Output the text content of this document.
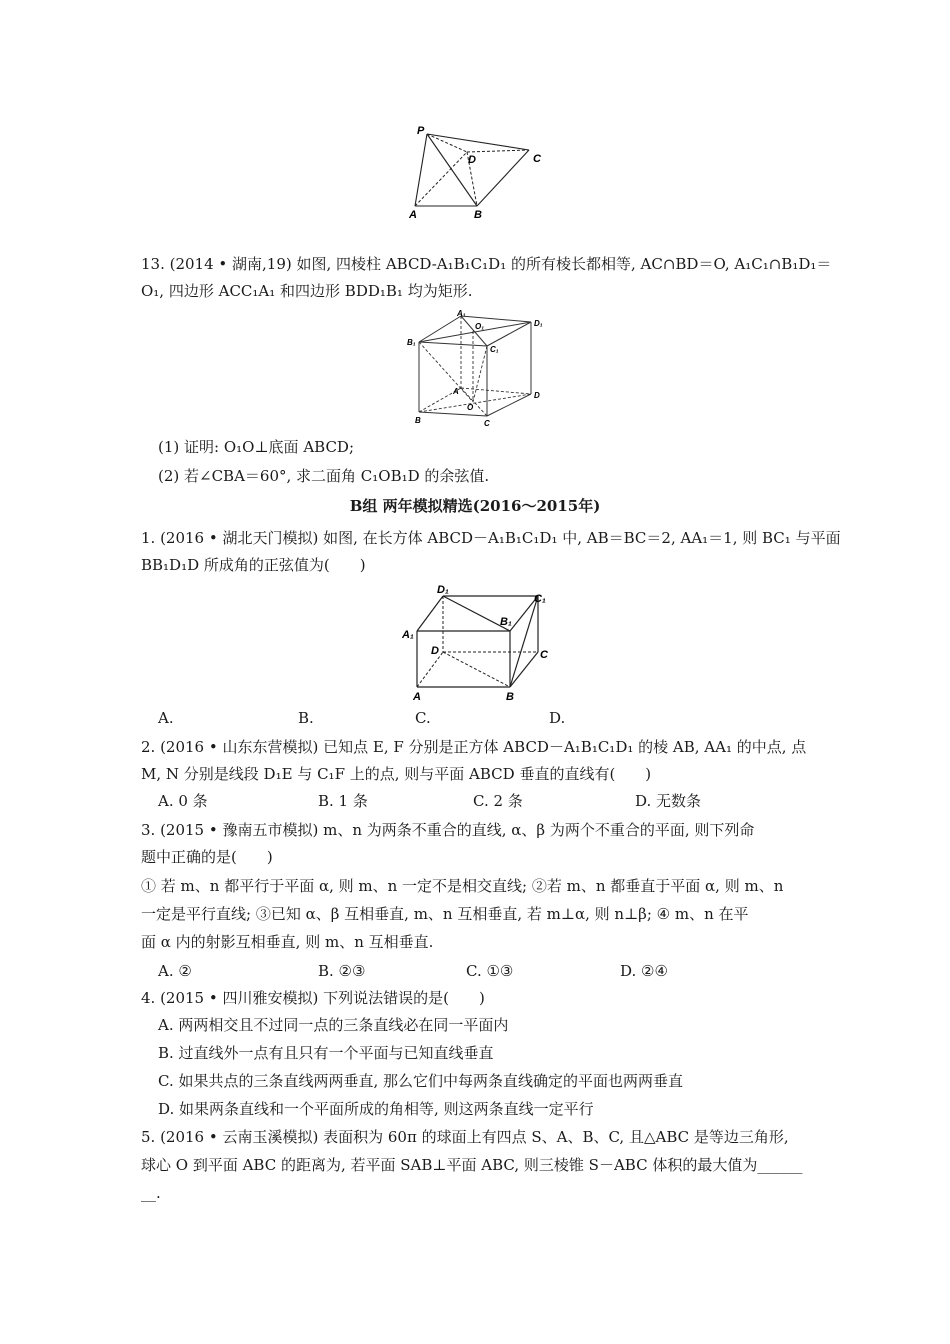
P
D	C
A	B
13. (2014 • 湖南,19) 如图, 四棱柱 ABCD-A₁B₁C₁D₁ 的所有棱长都相等, AC∩BD＝O, A₁C₁∩B₁D₁＝
O₁, 四边形 ACC₁A₁ 和四边形 BDD₁B₁ 均为矩形.
A₁
O₁	D₁
B₁
C₁
A
O
D
B	C
(1) 证明: O₁O⊥底面 ABCD;
(2) 若∠CBA＝60°, 求二面角 C₁OB₁D 的余弦值.
B组 两年模拟精选(2016～2015年)
1. (2016 • 湖北天门模拟) 如图, 在长方体 ABCD－A₁B₁C₁D₁ 中, AB＝BC＝2, AA₁＝1, 则 BC₁ 与平面
BB₁D₁D 所成角的正弦值为(　　)
D₁
C₁
A₁
B₁
D	C
A	B
A.	B.	C.	D.
2. (2016 • 山东东营模拟) 已知点 E, F 分别是正方体 ABCD－A₁B₁C₁D₁ 的棱 AB, AA₁ 的中点, 点
M, N 分别是线段 D₁E 与 C₁F 上的点, 则与平面 ABCD 垂直的直线有(　　)
A. 0 条	B. 1 条	C. 2 条	D. 无数条
3. (2015 • 豫南五市模拟) m、n 为两条不重合的直线, α、β 为两个不重合的平面, 则下列命
题中正确的是(　　)
① 若 m、n 都平行于平面 α, 则 m、n 一定不是相交直线; ②若 m、n 都垂直于平面 α, 则 m、n
一定是平行直线; ③已知 α、β 互相垂直, m、n 互相垂直, 若 m⊥α, 则 n⊥β; ④ m、n 在平
面 α 内的射影互相垂直, 则 m、n 互相垂直.
A. ②	B. ②③	C. ①③	D. ②④
4. (2015 • 四川雅安模拟) 下列说法错误的是(　　)
A. 两两相交且不过同一点的三条直线必在同一平面内
B. 过直线外一点有且只有一个平面与已知直线垂直
C. 如果共点的三条直线两两垂直, 那么它们中每两条直线确定的平面也两两垂直
D. 如果两条直线和一个平面所成的角相等, 则这两条直线一定平行
5. (2016 • 云南玉溪模拟) 表面积为 60π 的球面上有四点 S、A、B、C, 且△ABC 是等边三角形,
球心 O 到平面 ABC 的距离为, 若平面 SAB⊥平面 ABC, 则三棱锥 S－ABC 体积的最大值为______
__.
